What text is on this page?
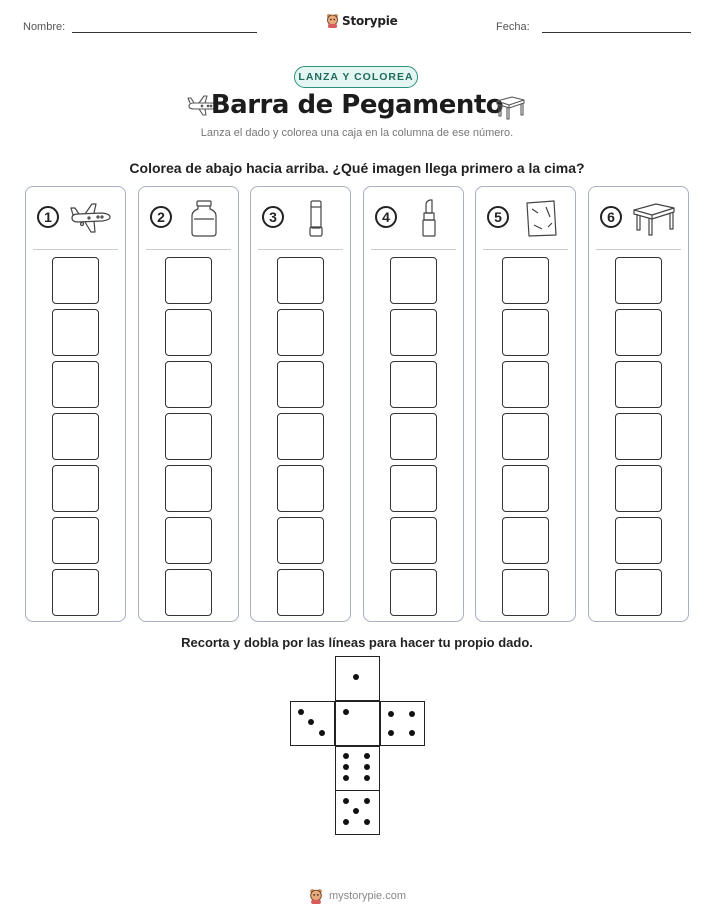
Nombre:	Storypie	Fecha:
LANZA Y COLOREA
Barra de Pegamento
Lanza el dado y colorea una caja en la columna de ese número.
Colorea de abajo hacia arriba. ¿Qué imagen llega primero a la cima?
1	2	3	4	5	6
Recorta y dobla por las líneas para hacer tu propio dado.
mystorypie.com
